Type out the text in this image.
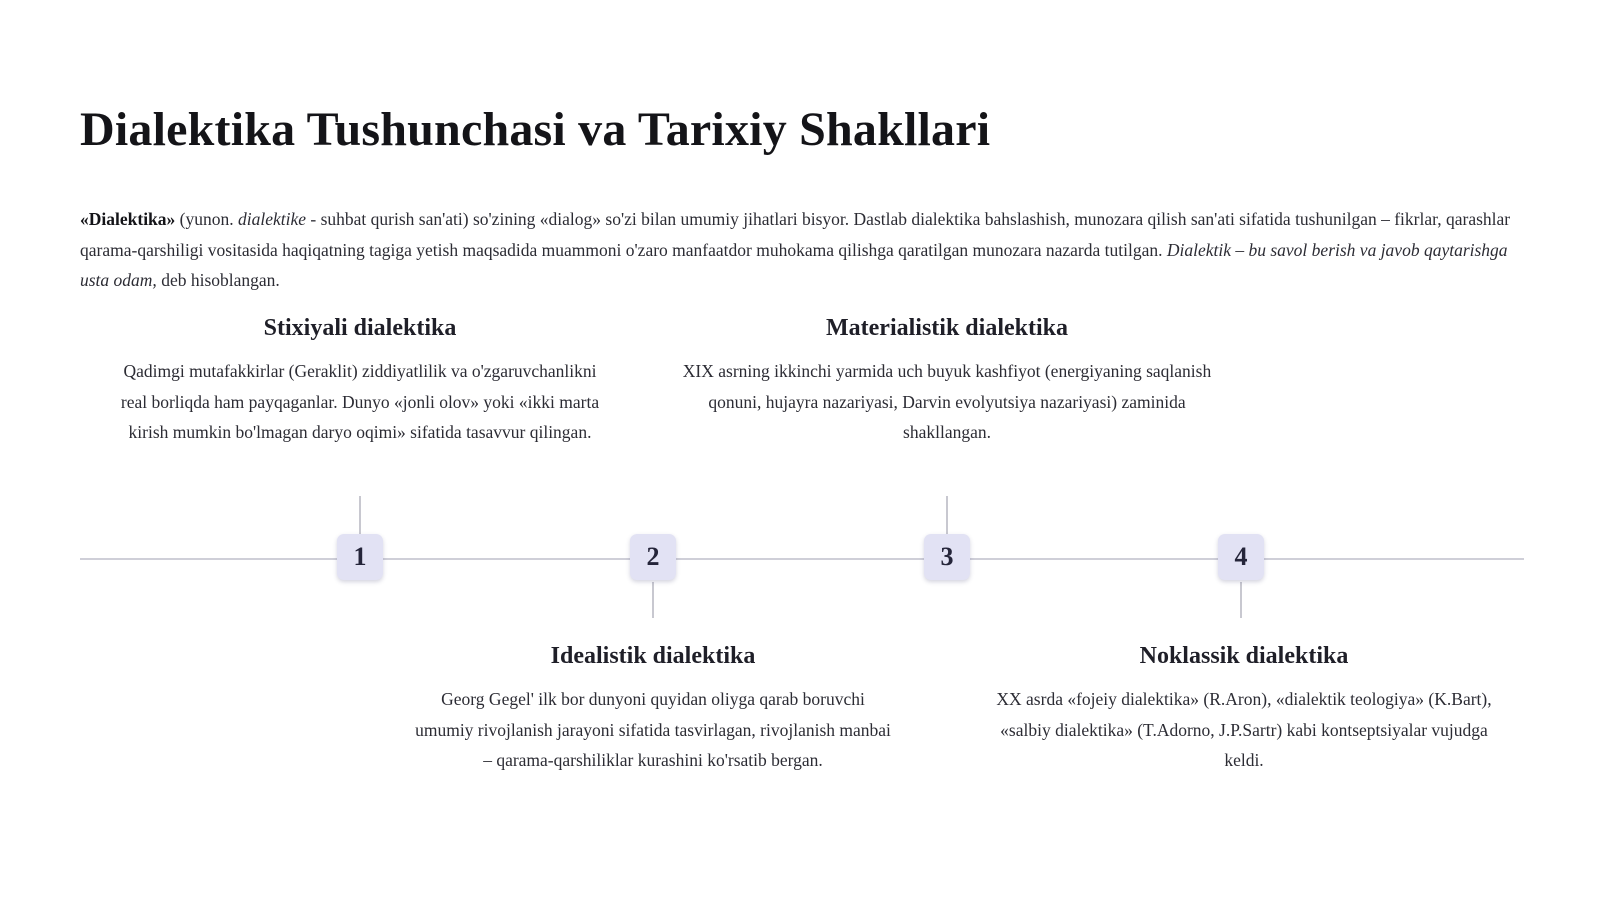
Dialektika Tushunchasi va Tarixiy Shakllari

«Dialektika» (yunon. dialektike - suhbat qurish san'ati) so'zining «dialog» so'zi bilan umumiy jihatlari bisyor. Dastlab dialektika bahslashish, munozara qilish san'ati sifatida tushunilgan – fikrlar, qarashlar qarama-qarshiligi vositasida haqiqatning tagiga yetish maqsadida muammoni o'zaro manfaatdor muhokama qilishga qaratilgan munozara nazarda tutilgan. Dialektik – bu savol berish va javob qaytarishga usta odam, deb hisoblangan.

1	2	3	4
Stixiyali dialektika

Qadimgi mutafakkirlar (Geraklit) ziddiyatlilik va o'zgaruvchanlikni real borliqda ham payqaganlar. Dunyo «jonli olov» yoki «ikki marta kirish mumkin bo'lmagan daryo oqimi» sifatida tasavvur qilingan.

Materialistik dialektika

XIX asrning ikkinchi yarmida uch buyuk kashfiyot (energiyaning saqlanish qonuni, hujayra nazariyasi, Darvin evolyutsiya nazariyasi) zaminida shakllangan.

Idealistik dialektika

Georg Gegel' ilk bor dunyoni quyidan oliyga qarab boruvchi umumiy rivojlanish jarayoni sifatida tasvirlagan, rivojlanish manbai – qarama-qarshiliklar kurashini ko'rsatib bergan.

Noklassik dialektika

XX asrda «fojeiy dialektika» (R.Aron), «dialektik teologiya» (K.Bart), «salbiy dialektika» (T.Adorno, J.P.Sartr) kabi kontseptsiyalar vujudga keldi.
